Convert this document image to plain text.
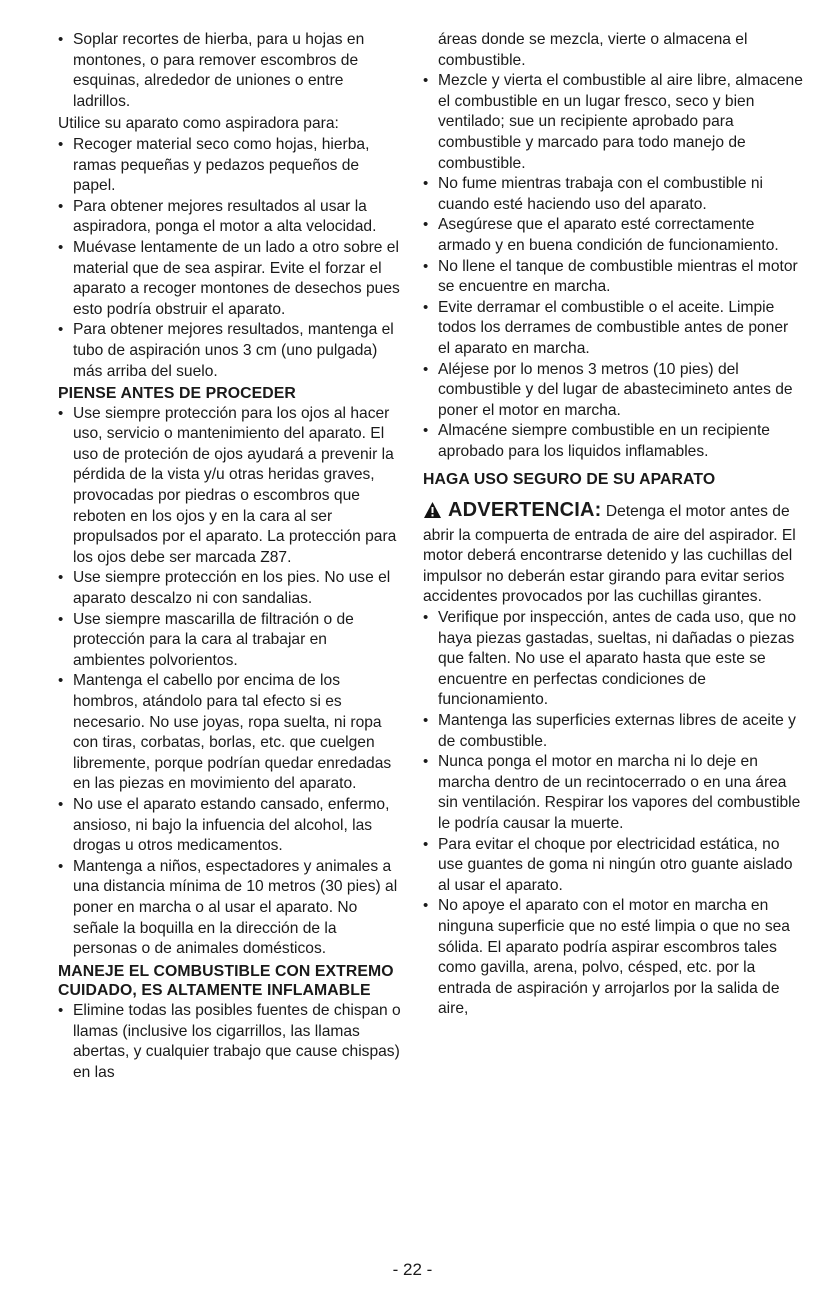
• Soplar recortes de hierba, para u hojas en montones, o para remover escombros de esquinas, alrededor de uniones o entre ladrillos.

Utilice su aparato como aspiradora para:

• Recoger material seco como hojas, hierba, ramas pequeñas y pedazos pequeños de papel.
• Para obtener mejores resultados al usar la aspiradora, ponga el motor a alta velocidad.
• Muévase lentamente de un lado a otro sobre el material que de sea aspirar. Evite el forzar el aparato a recoger montones de desechos pues esto podría obstruir el aparato.
• Para obtener mejores resultados, mantenga el tubo de aspiración unos 3 cm (uno pulgada) más arriba del suelo.
PIENSE ANTES DE PROCEDER
• Use siempre protección para los ojos al hacer uso, servicio o mantenimiento del aparato. El uso de proteción de ojos ayudará a prevenir la pérdida de la vista y/u otras heridas graves, provocadas por piedras o escombros que reboten en los ojos y en la cara al ser propulsados por el aparato. La protección para los ojos debe ser marcada Z87.
• Use siempre protección en los pies. No use el aparato descalzo ni con sandalias.
• Use siempre mascarilla de filtración o de protección para la cara al trabajar en ambientes polvorientos.
• Mantenga el cabello por encima de los hombros, atándolo para tal efecto si es necesario. No use joyas, ropa suelta, ni ropa con tiras, corbatas, borlas, etc. que cuelgen libremente, porque podrían quedar enredadas en las piezas en movimiento del aparato.
• No use el aparato estando cansado, enfermo, ansioso, ni bajo la infuencia del alcohol, las drogas u otros medicamentos.
• Mantenga a niños, espectadores y animales a una distancia mínima de 10 metros (30 pies) al poner en marcha o al usar el aparato. No señale la boquilla en la dirección de la personas o de animales domésticos.
MANEJE EL COMBUSTIBLE CON EXTREMO CUIDADO, ES ALTAMENTE INFLAMABLE
• Elimine todas las posibles fuentes de chispan o llamas (inclusive los cigarrillos, las llamas abertas, y cualquier trabajo que cause chispas) en las

áreas donde se mezcla, vierte o almacena el combustible.

• Mezcle y vierta el combustible al aire libre, almacene el combustible en un lugar fresco, seco y bien ventilado; sue un recipiente aprobado para combustible y marcado para todo manejo de combustible.
• No fume mientras trabaja con el combustible ni cuando esté haciendo uso del aparato.
• Asegúrese que el aparato esté correctamente armado y en buena condición de funcionamiento.
• No llene el tanque de combustible mientras el motor se encuentre en marcha.
• Evite derramar el combustible o el aceite. Limpie todos los derrames de combustible antes de poner el aparato en marcha.
• Aléjese por lo menos 3 metros (10 pies) del combustible y del lugar de abastecimineto antes de poner el motor en marcha.
• Almacéne siempre combustible en un recipiente aprobado para los liquidos inflamables.
HAGA USO SEGURO DE SU APARATO

ADVERTENCIA: Detenga el motor antes de abrir la compuerta de entrada de aire del aspirador. El motor deberá encontrarse detenido y las cuchillas del impulsor no deberán estar girando para evitar serios accidentes provocados por las cuchillas girantes.

• Verifique por inspección, antes de cada uso, que no haya piezas gastadas, sueltas, ni dañadas o piezas que falten. No use el aparato hasta que este se encuentre en perfectas condiciones de funcionamiento.
• Mantenga las superficies externas libres de aceite y de combustible.
• Nunca ponga el motor en marcha ni lo deje en marcha dentro de un recintocerrado o en una área sin ventilación. Respirar los vapores del combustible le podría causar la muerte.
• Para evitar el choque por electricidad estática, no use guantes de goma ni ningún otro guante aislado al usar el aparato.
• No apoye el aparato con el motor en marcha en ninguna superficie que no esté limpia o que no sea sólida. El aparato podría aspirar escombros tales como gavilla, arena, polvo, césped, etc. por la entrada de aspiración y arrojarlos por la salida de aire,
- 22 -
